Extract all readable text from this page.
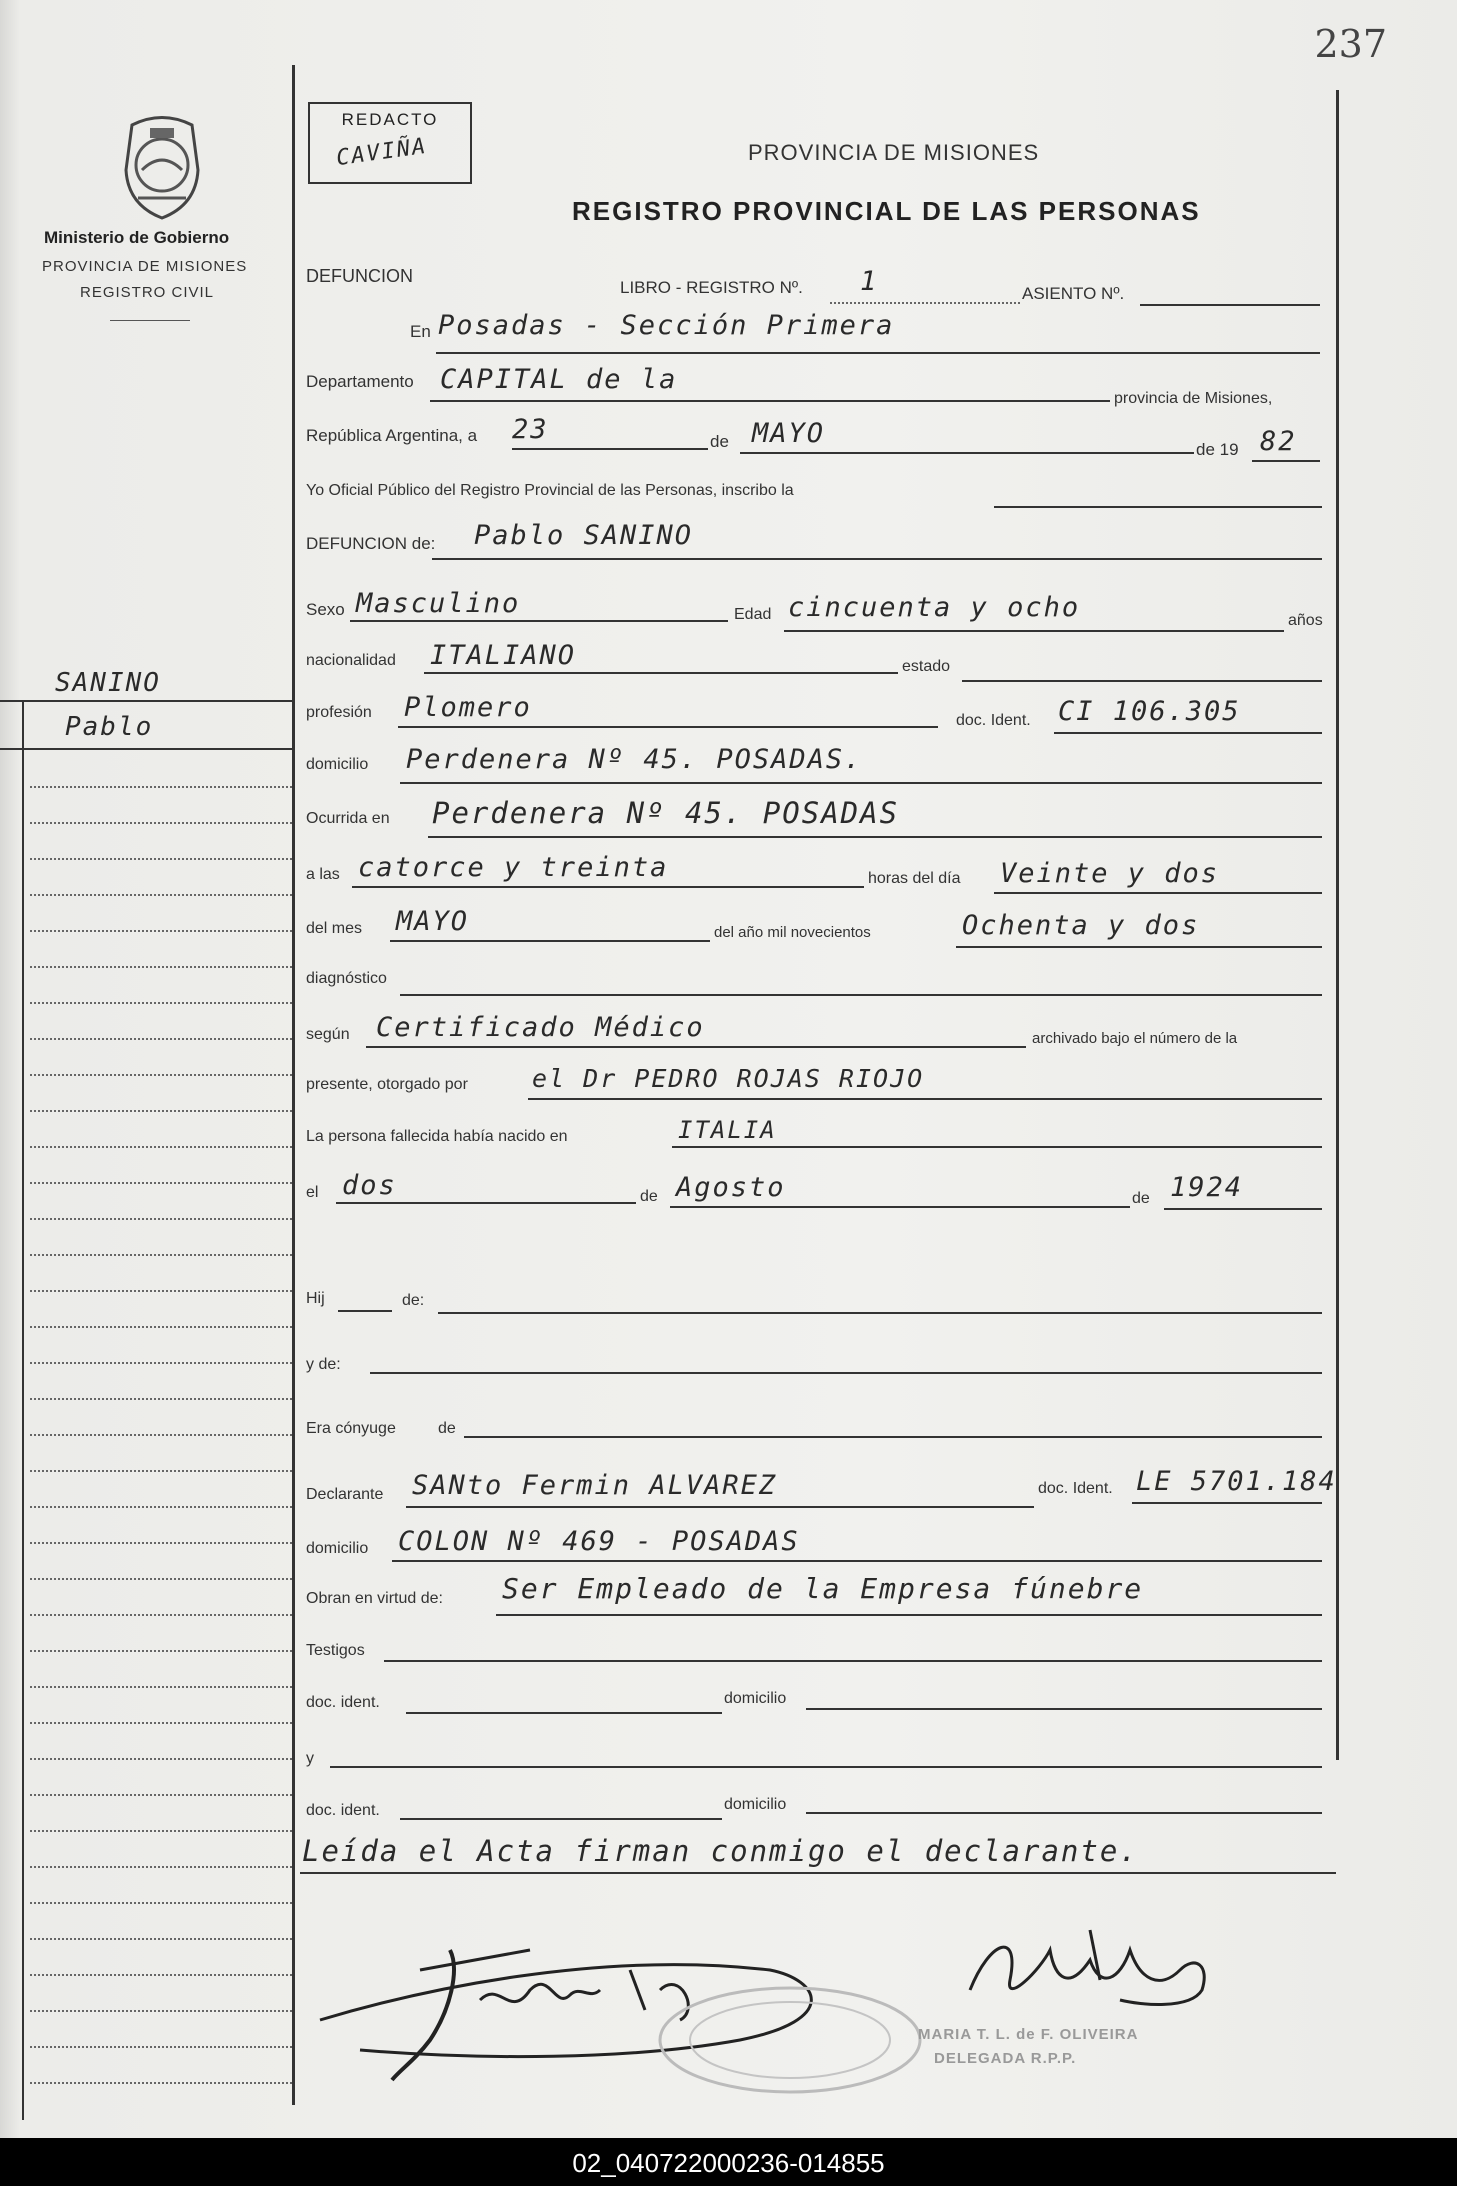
237
Ministerio de Gobierno
PROVINCIA DE MISIONES
REGISTRO CIVIL
REDACTO
CAVIÑA	PROVINCIA DE MISIONES
REGISTRO PROVINCIAL DE LAS PERSONAS
SANINO
Pablo
DEFUNCION
LIBRO - REGISTRO Nº. 1	ASIENTO Nº.
En Posadas - Sección Primera
Departamento CAPITAL de la
provincia de Misiones,
República Argentina, a 23	de MAYO
de 19 82
Yo Oficial Público del Registro Provincial de las Personas, inscribo la
DEFUNCION de: Pablo SANINO
Sexo Masculino	Edad cincuenta y ocho	años
nacionalidad ITALIANO	estado
profesión Plomero	doc. Ident. CI 106.305
domicilio Perdenera Nº 45. POSADAS.
Ocurrida en Perdenera Nº 45. POSADAS
a las catorce y treinta	horas del día Veinte y dos
del mes MAYO	del año mil novecientos	Ochenta y dos
diagnóstico
según Certificado Médico	archivado bajo el número de la
presente, otorgado por	el Dr PEDRO ROJAS RIOJO
La persona fallecida había nacido en	ITALIA
el dos	de Agosto	de 1924
Hij	de:
y de:
Era cónyuge	de
Declarante SANto Fermin ALVAREZ	doc. Ident. LE 5701.184
domicilio COLON Nº 469 - POSADAS
Obran en virtud de: Ser Empleado de la Empresa fúnebre
Testigos
doc. ident.	domicilio
y
doc. ident.	domicilio
Leída el Acta firman conmigo el declarante.
MARIA T. L. de F. OLIVEIRA
DELEGADA R.P.P.
02_040722000236-014855
